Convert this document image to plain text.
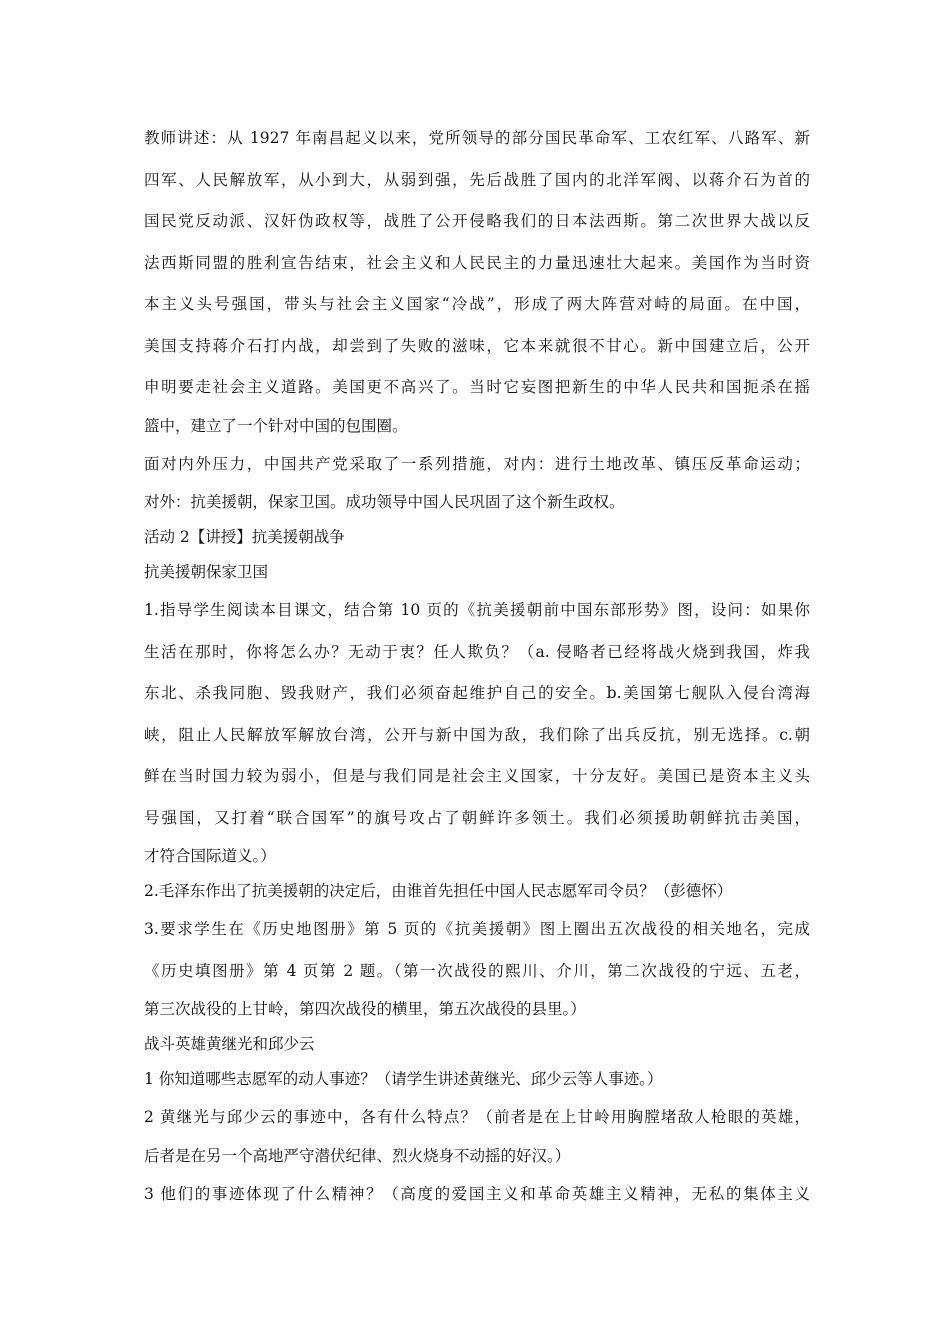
教师讲述：从 1927 年南昌起义以来，党所领导的部分国民革命军、工农红军、八路军、新
四军、人民解放军，从小到大，从弱到强，先后战胜了国内的北洋军阀、以蒋介石为首的
国民党反动派、汉奸伪政权等，战胜了公开侵略我们的日本法西斯。第二次世界大战以反
法西斯同盟的胜利宣告结束，社会主义和人民民主的力量迅速壮大起来。美国作为当时资
本主义头号强国，带头与社会主义国家“冷战”，形成了两大阵营对峙的局面。在中国，
美国支持蒋介石打内战，却尝到了失败的滋味，它本来就很不甘心。新中国建立后，公开
申明要走社会主义道路。美国更不高兴了。当时它妄图把新生的中华人民共和国扼杀在摇
篮中，建立了一个针对中国的包围圈。
面对内外压力，中国共产党采取了一系列措施，对内：进行土地改革、镇压反革命运动；
对外：抗美援朝，保家卫国。成功领导中国人民巩固了这个新生政权。
活动 2【讲授】抗美援朝战争
抗美援朝保家卫国
1.指导学生阅读本目课文，结合第 10 页的《抗美援朝前中国东部形势》图，设问：如果你
生活在那时，你将怎么办？无动于衷？任人欺负？（a. 侵略者已经将战火烧到我国，炸我
东北、杀我同胞、毁我财产，我们必须奋起维护自己的安全。b.美国第七舰队入侵台湾海
峡，阻止人民解放军解放台湾，公开与新中国为敌，我们除了出兵反抗，别无选择。c.朝
鲜在当时国力较为弱小，但是与我们同是社会主义国家，十分友好。美国已是资本主义头
号强国，又打着“联合国军”的旗号攻占了朝鲜许多领土。我们必须援助朝鲜抗击美国，
才符合国际道义。）
2.毛泽东作出了抗美援朝的决定后，由谁首先担任中国人民志愿军司令员？（彭德怀）
3.要求学生在《历史地图册》第 5 页的《抗美援朝》图上圈出五次战役的相关地名，完成
《历史填图册》第 4 页第 2 题。（第一次战役的熙川、介川，第二次战役的宁远、五老，
第三次战役的上甘岭，第四次战役的横里，第五次战役的县里。）
战斗英雄黄继光和邱少云
1 你知道哪些志愿军的动人事迹？（请学生讲述黄继光、邱少云等人事迹。）
2 黄继光与邱少云的事迹中，各有什么特点？（前者是在上甘岭用胸膛堵敌人枪眼的英雄，
后者是在另一个高地严守潜伏纪律、烈火烧身不动摇的好汉。）
3 他们的事迹体现了什么精神？（高度的爱国主义和革命英雄主义精神，无私的集体主义
